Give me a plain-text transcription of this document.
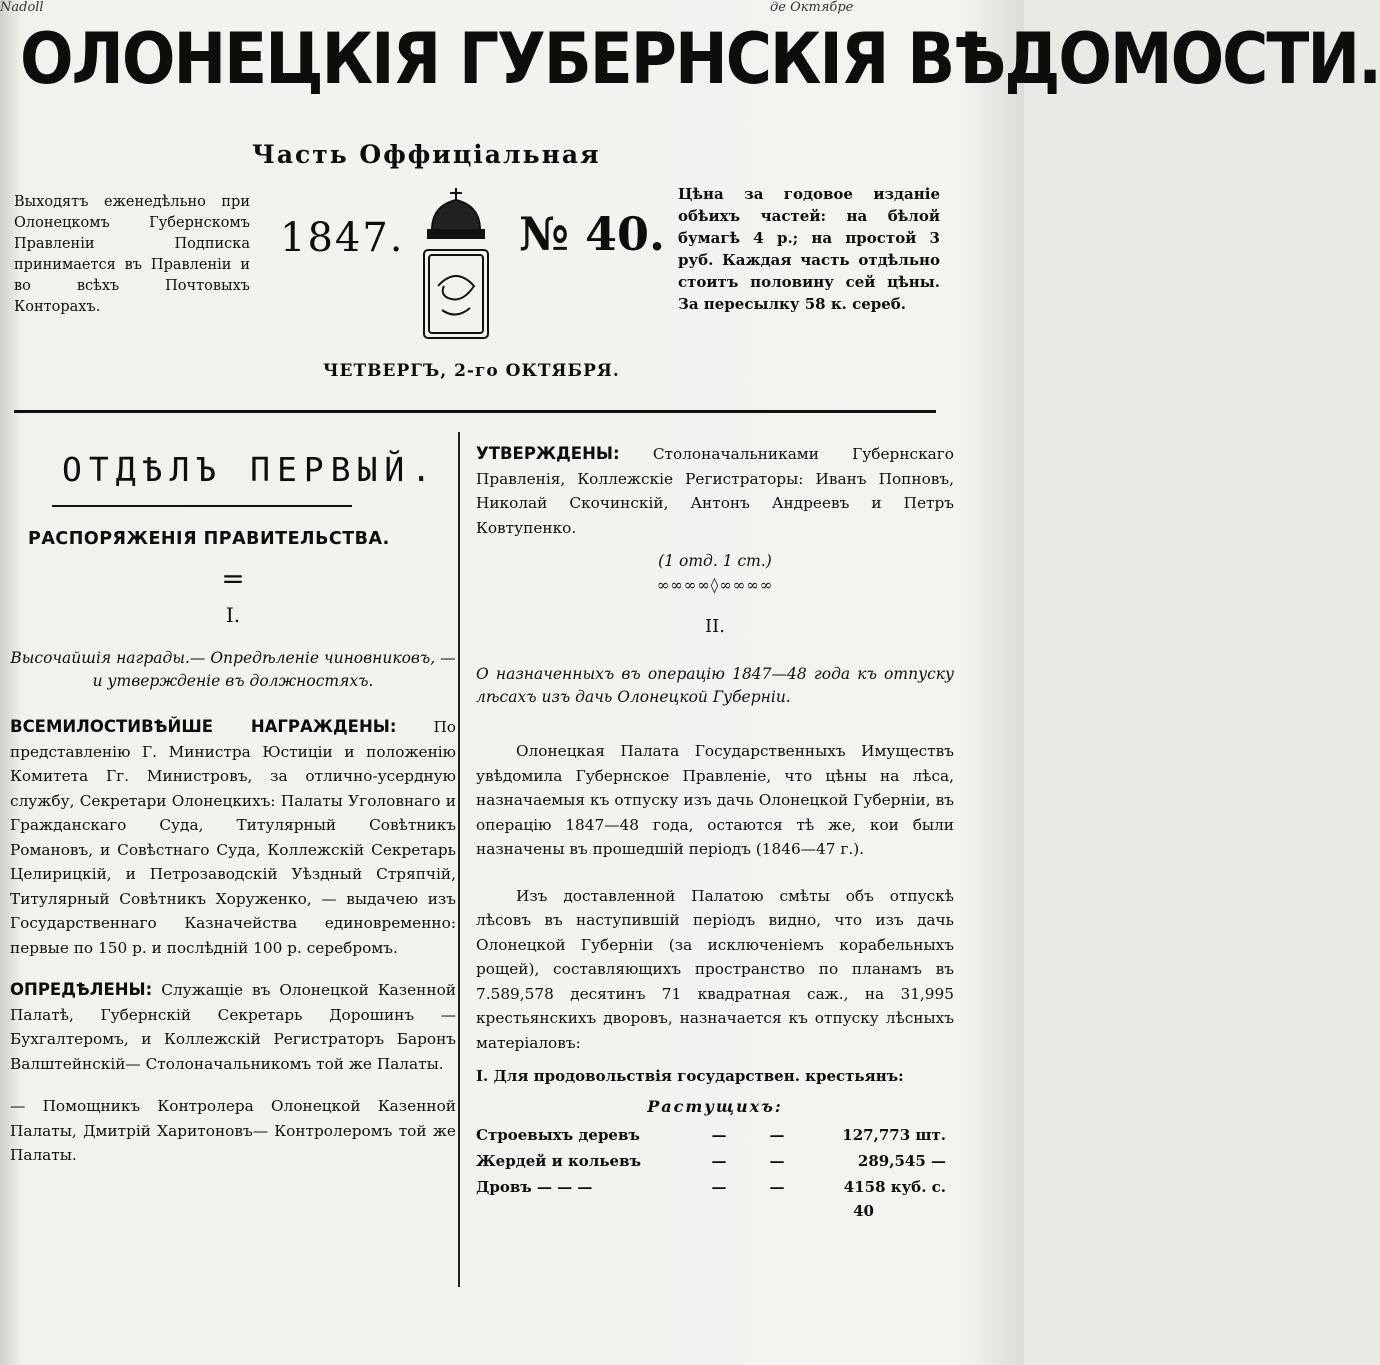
Nad̃oll	де Октябре
ОЛОНЕЦКІЯ ГУБЕРНСКІЯ ВѢДОМОСТИ.
Часть Оффиціальная
Выходятъ еженедѣльно при Олонецкомъ Губернскомъ Правленіи Подписка принимается въ Правленіи и во всѣхъ Почтовыхъ Конторахъ.
1847. № 40.
Цѣна за годовое изданіе обѣихъ частей: на бѣлой бумагѣ 4 р.; на простой 3 руб. Каждая часть отдѣльно стоитъ половину сей цѣны. За пересылку 58 к. сереб.
ЧЕТВЕРГЪ, 2-го ОКТЯБРЯ.
ОТДѢЛЪ ПЕРВЫЙ.
РАСПОРЯЖЕНІЯ ПРАВИТЕЛЬСТВА.
=
I.
Высочайшія награды.— Опредѣленіе чиновниковъ, — и утвержденіе въ должностяхъ.

ВСЕМИЛОСТИВѢЙШЕ НАГРАЖДЕНЫ: По представленію Г. Министра Юстиціи и положенію Комитета Гг. Министровъ, за отлично-усердную службу, Секретари Олонецкихъ: Палаты Уголовнаго и Гражданскаго Суда, Титулярный Совѣтникъ Романовъ, и Совѣстнаго Суда, Коллежскій Секретарь Целирицкій, и Петрозаводскій Уѣздный Стряпчій, Титулярный Совѣтникъ Хоруженко, — выдачею изъ Государственнаго Казначейства единовременно: первые по 150 р. и послѣдній 100 р. серебромъ.

ОПРЕДѢЛЕНЫ: Служащіе въ Олонецкой Казенной Палатѣ, Губернскій Секретарь Дорошинъ —Бухгалтеромъ, и Коллежскій Регистраторъ Баронъ Валштейнскій— Столоначальникомъ той же Палаты.

— Помощникъ Контролера Олонецкой Казенной Палаты, Дмитрій Харитоновъ— Контролеромъ той же Палаты.

УТВЕРЖДЕНЫ: Столоначальниками Губернскаго Правленія, Коллежскіе Регистраторы: Иванъ Попновъ, Николай Скочинскій, Антонъ Андреевъ и Петръ Ковтупенко.

(1 отд. 1 ст.)
∞∞∞∞◊∞∞∞∞
II.
О назначенныхъ въ операцію 1847—48 года къ отпуску лѣсахъ изъ дачь Олонецкой Губерніи.

Олонецкая Палата Государственныхъ Имуществъ увѣдомила Губернское Правленіе, что цѣны на лѣса, назначаемыя къ отпуску изъ дачь Олонецкой Губерніи, въ операцію 1847—48 года, остаются тѣ же, кои были назначены въ прошедшій періодъ (1846—47 г.).

Изъ доставленной Палатою смѣты объ отпускѣ лѣсовъ въ наступившій періодъ видно, что изъ дачь Олонецкой Губерніи (за исключеніемъ корабельныхъ рощей), составляющихъ пространство по планамъ въ 7.589,578 десятинъ 71 квадратная саж., на 31,995 крестьянскихъ дворовъ, назначается къ отпуску лѣсныхъ матеріаловъ:

I. Для продовольствія государствен. крестьянъ:
Растущихъ:
Строевыхъ деревъ	—	—	127,773 шт.
Жердей и кольевъ	—	—	289,545 —
Дровъ — — —	—	—	4158 куб. с.
40
